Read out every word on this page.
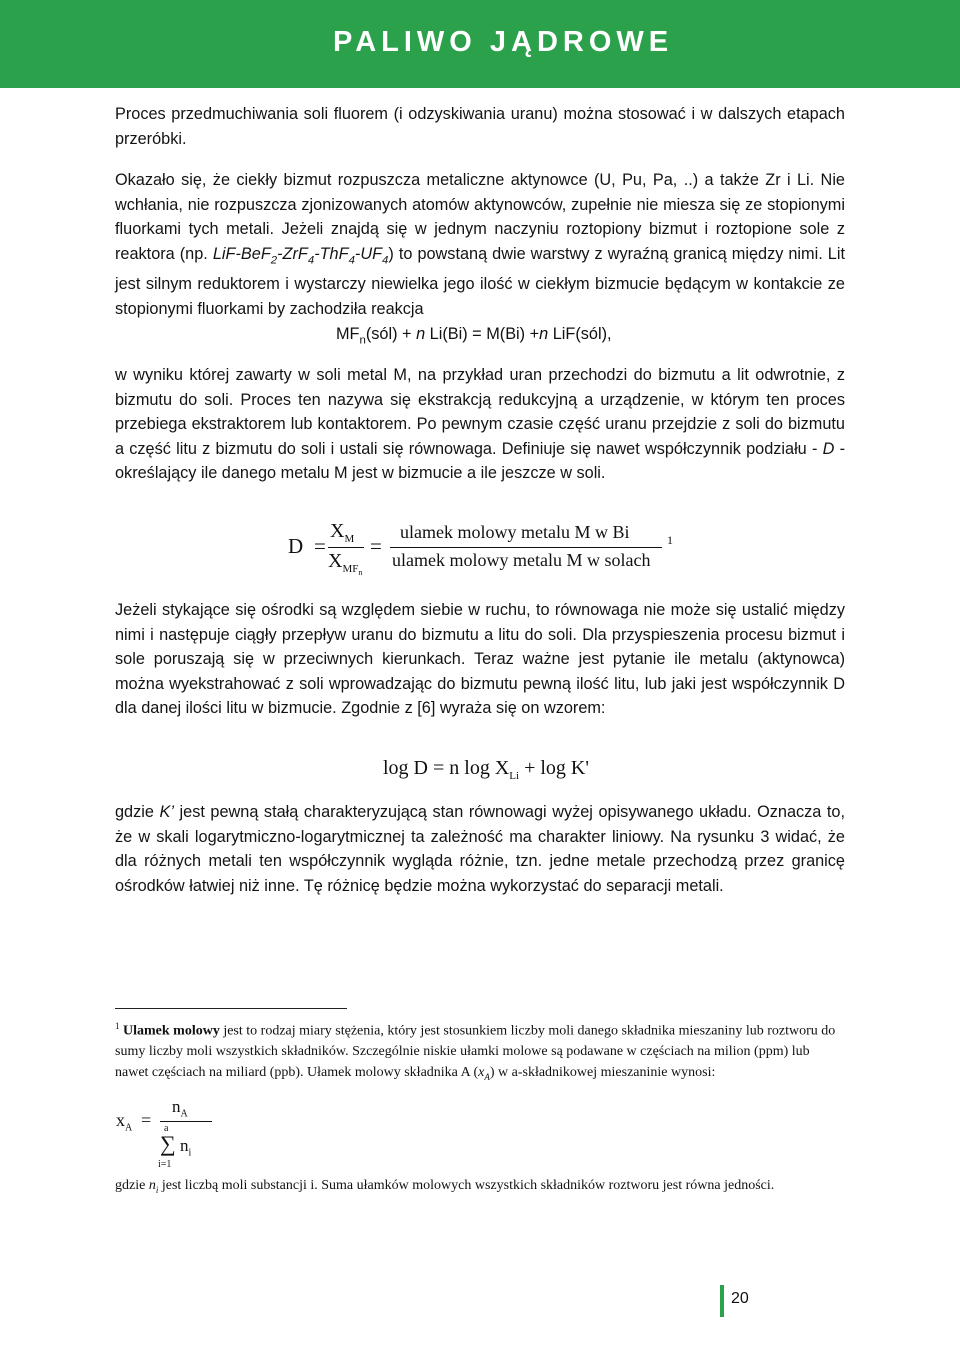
PALIWO JĄDROWE
Proces przedmuchiwania soli fluorem (i odzyskiwania uranu) można stosować i w dalszych etapach przeróbki.
Okazało się, że ciekły bizmut rozpuszcza metaliczne aktynowce (U, Pu, Pa, ..) a także Zr i Li. Nie wchłania, nie rozpuszcza zjonizowanych atomów aktynowców, zupełnie nie miesza się ze stopionymi fluorkami tych metali. Jeżeli znajdą się w jednym naczyniu roztopiony bizmut i roztopione sole z reaktora (np. LiF-$BeF_2-ZrF_4-ThF_4-UF_4$) to powstaną dwie warstwy z wyraźną granicą między nimi. Lit jest silnym reduktorem i wystarczy niewielka jego ilość w ciekłym bizmucie będącym w kontakcie ze stopionymi fluorkami by zachodziła reakcja
$MF_n(sól) + n$ Li(Bi) = M(Bi) +n LiF(sól),
w wyniku której zawarty w soli metal M, na przykład uran przechodzi do bizmutu a lit odwrotnie, z bizmutu do soli. Proces ten nazywa się ekstrakcją redukcyjną a urządzenie, w którym ten proces przebiega ekstraktorem lub kontaktorem. Po pewnym czasie część uranu przejdzie z soli do bizmutu a część litu z bizmutu do soli i ustali się równowaga. Definiuje się nawet współczynnik podziału - D - określający ile danego metalu M jest w bizmucie a ile jeszcze w soli.
D =
$X_M$
$X_{MF_n}$
=
ulamek molowy metalu M w Bi
ulamek molowy metalu M w solach
1
Jeżeli stykające się ośrodki są względem siebie w ruchu, to równowaga nie może się ustalić między nimi i następuje ciągły przepływ uranu do bizmutu a litu do soli. Dla przyspieszenia procesu bizmut i sole poruszają się w przeciwnych kierunkach. Teraz ważne jest pytanie ile metalu (aktynowca) można wyekstrahować z soli wprowadzając do bizmutu pewną ilość litu, lub jaki jest współczynnik D dla danej ilości litu w bizmucie. Zgodnie z [6] wyraża się on wzorem:
log D = n $\log X_{Li} + \log K'$
gdzie K’ jest pewną stałą charakteryzującą stan równowagi wyżej opisywanego układu. Oznacza to, że w skali logarytmiczno-logarytmicznej ta zależność ma charakter liniowy. Na rysunku 3 widać, że dla różnych metali ten współczynnik wygląda różnie, tzn. jedne metale przechodzą przez granicę ośrodków łatwiej niż inne. Tę różnicę będzie można wykorzystać do separacji metali.
$^1$ Ulamek molowy jest to rodzaj miary stężenia, który jest stosunkiem liczby moli danego składnika mieszaniny lub roztworu do sumy liczby moli wszystkich składników. Szczególnie niskie ułamki molowe są podawane w częściach na milion (ppm) lub nawet częściach na miliard (ppb). Ułamek molowy składnika A $(x_A)$ w a-składnikowej mieszaninie wynosi:
$x_A$ =
$n_A$
a
∑ $n_i$
i=1
gdzie $n_i$ jest liczbą moli substancji i. Suma ułamków molowych wszystkich składników roztworu jest równa jedności.
20
